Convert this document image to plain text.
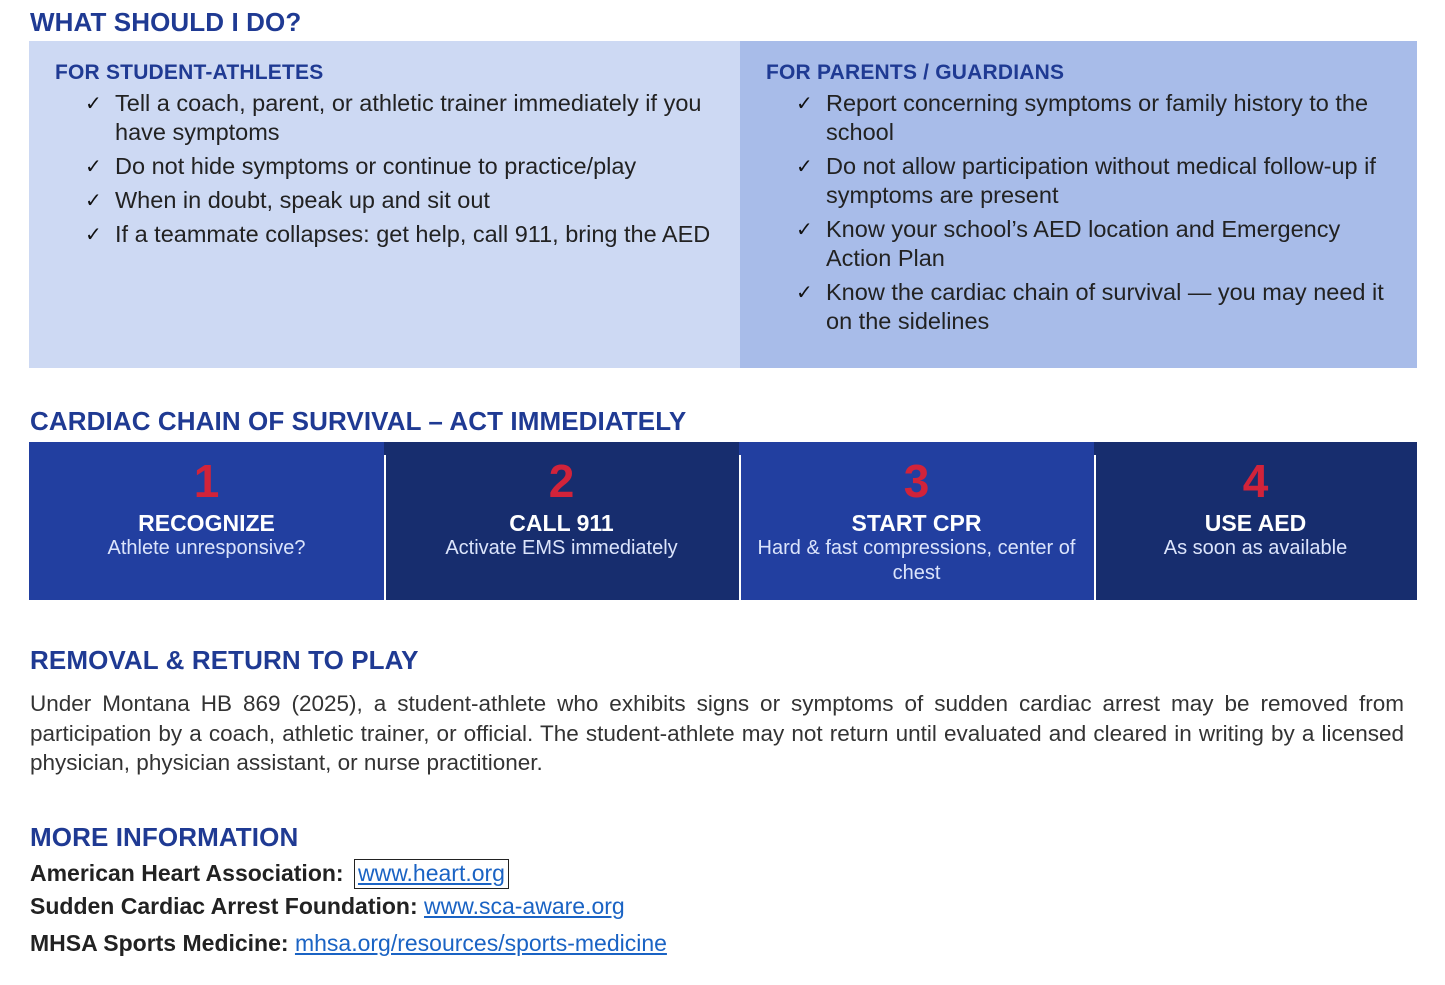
WHAT SHOULD I DO?
FOR STUDENT-ATHLETES
✓ Tell a coach, parent, or athletic trainer immediately if you have symptoms
✓ Do not hide symptoms or continue to practice/play
✓ When in doubt, speak up and sit out
✓ If a teammate collapses: get help, call 911, bring the AED
FOR PARENTS / GUARDIANS
✓ Report concerning symptoms or family history to the school
✓ Do not allow participation without medical follow-up if symptoms are present
✓ Know your school’s AED location and Emergency Action Plan
✓ Know the cardiac chain of survival — you may need it on the sidelines
CARDIAC CHAIN OF SURVIVAL – ACT IMMEDIATELY
1
RECOGNIZE
Athlete unresponsive?
2
CALL 911
Activate EMS immediately
3
START CPR
Hard & fast compressions, center of chest
4
USE AED
As soon as available
REMOVAL & RETURN TO PLAY

Under Montana HB 869 (2025), a student-athlete who exhibits signs or symptoms of sudden cardiac arrest may be removed from participation by a coach, athletic trainer, or official. The student-athlete may not return until evaluated and cleared in writing by a licensed physician, physician assistant, or nurse practitioner.

MORE INFORMATION
American Heart Association: www.heart.org
Sudden Cardiac Arrest Foundation: www.sca-aware.org
MHSA Sports Medicine: mhsa.org/resources/sports-medicine
